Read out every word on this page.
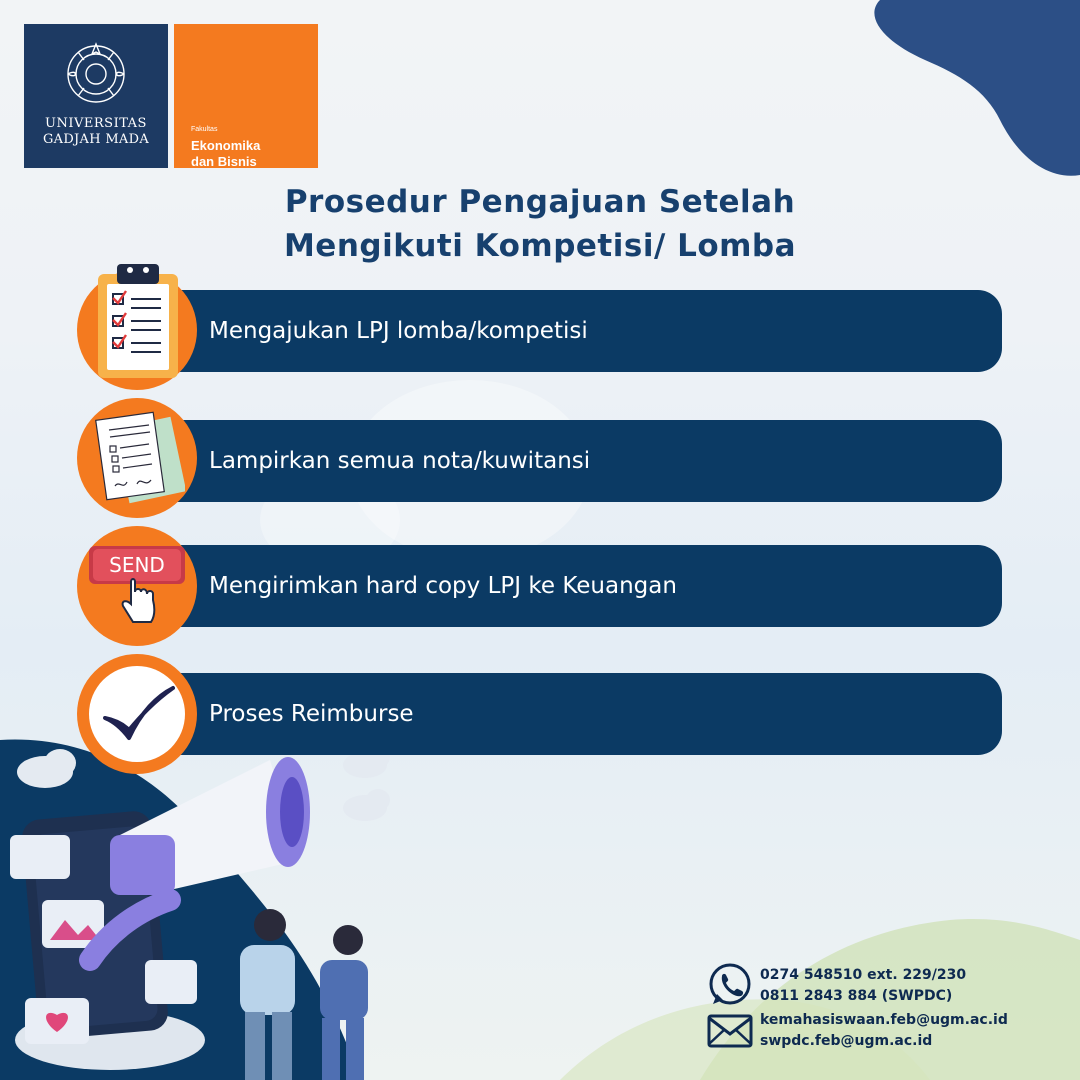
UNIVERSITAS
GADJAH MADA
Fakultas
Ekonomika
dan Bisnis
Prosedur Pengajuan Setelah
Mengikuti Kompetisi/ Lomba
Mengajukan LPJ lomba/kompetisi
Lampirkan semua nota/kuwitansi
Mengirimkan hard copy LPJ ke Keuangan
SEND
Proses Reimburse
0274 548510 ext. 229/230
0811 2843 884 (SWPDC)
kemahasiswaan.feb@ugm.ac.id
swpdc.feb@ugm.ac.id
